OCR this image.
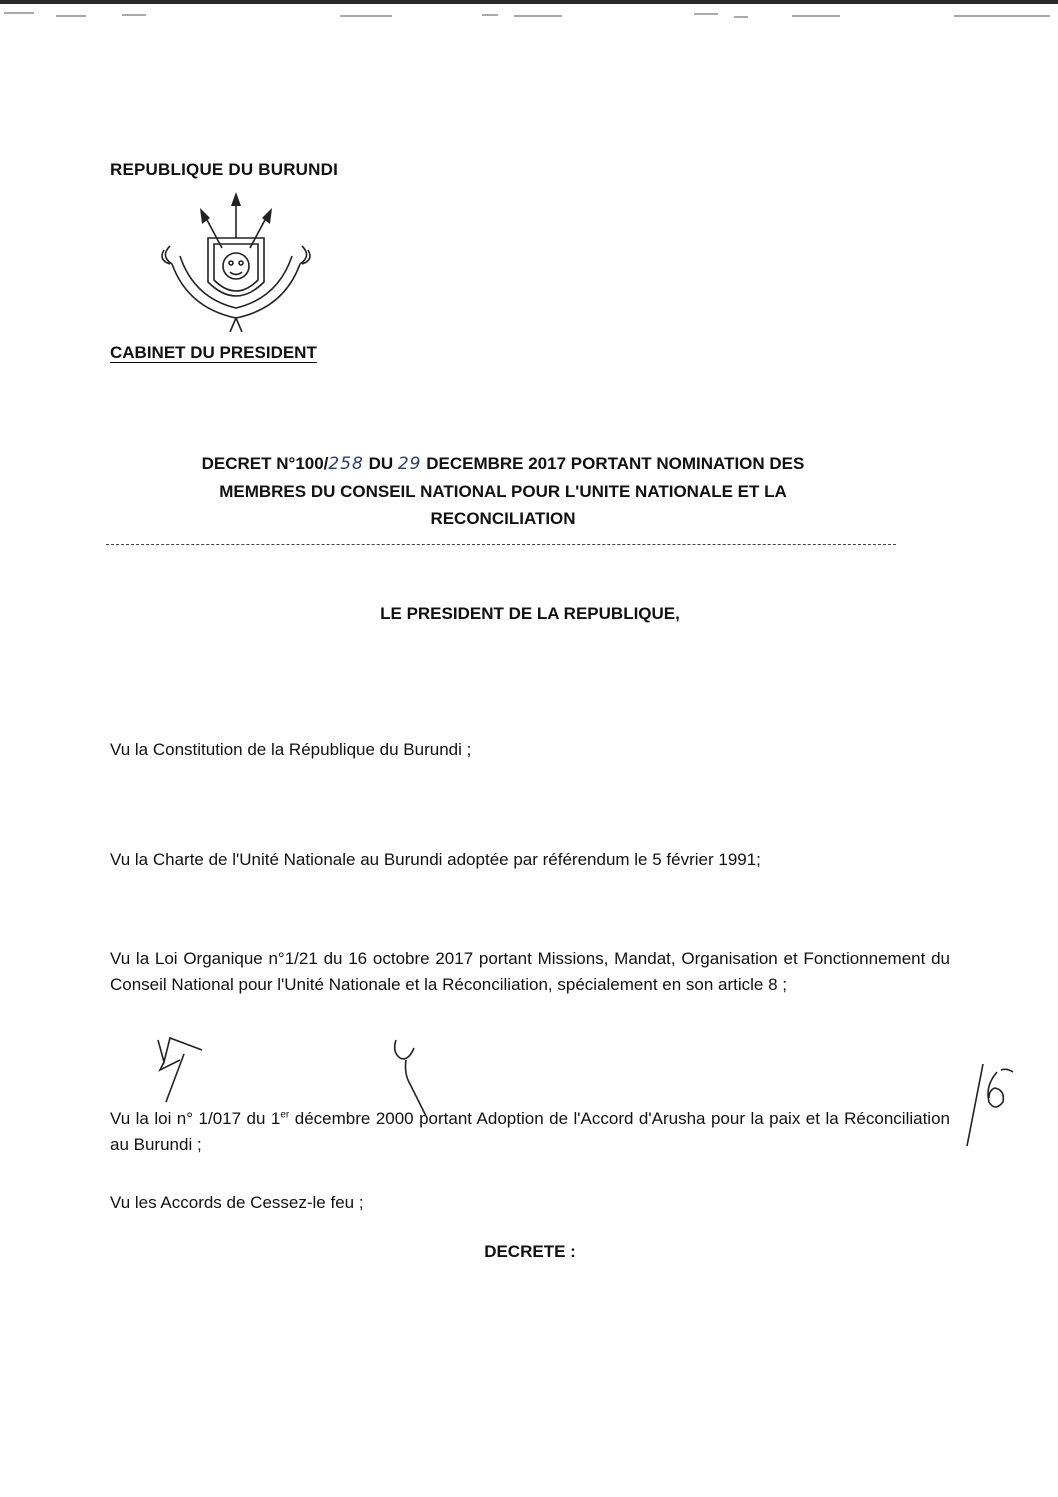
REPUBLIQUE DU BURUNDI

CABINET DU PRESIDENT

DECRET N°100/258 DU 29 DECEMBRE 2017 PORTANT NOMINATION DES
MEMBRES DU CONSEIL NATIONAL POUR L'UNITE NATIONALE ET LA
RECONCILIATION

LE PRESIDENT DE LA REPUBLIQUE,

Vu la Constitution de la République du Burundi ;

Vu la Charte de l'Unité Nationale au Burundi adoptée par référendum le 5 février 1991;

Vu la Loi Organique n°1/21 du 16 octobre 2017 portant Missions, Mandat, Organisation et Fonctionnement du Conseil National pour l'Unité Nationale et la Réconciliation, spécialement en son article 8 ;

Vu la loi n° 1/017 du 1er décembre 2000 portant Adoption de l'Accord d'Arusha pour la paix et la Réconciliation au Burundi ;

Vu les Accords de Cessez-le feu ;

DECRETE :
